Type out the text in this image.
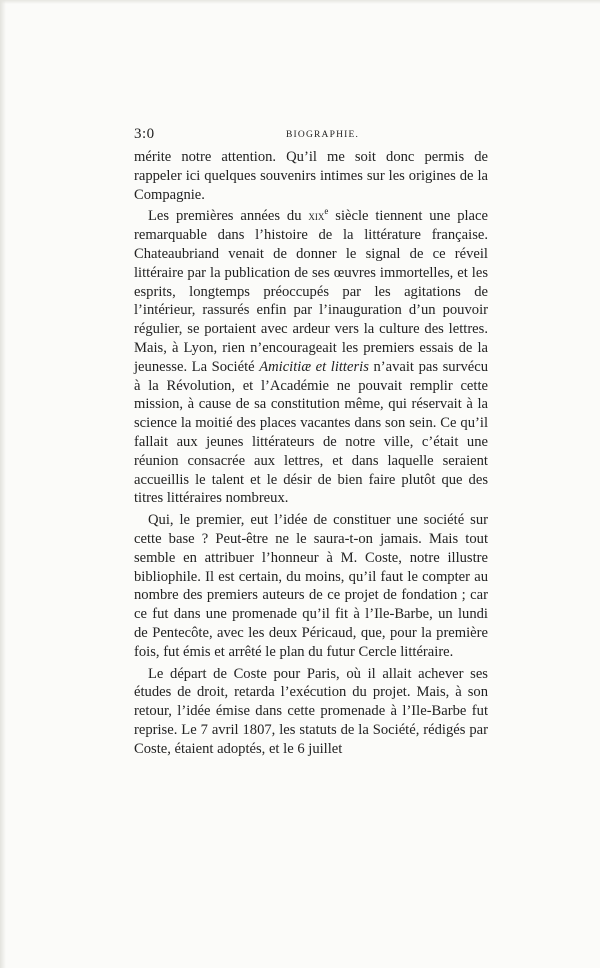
3:0	BIOGRAPHIE.

mérite notre attention. Qu’il me soit donc permis de rappeler ici quelques souvenirs intimes sur les origines de la Compagnie.

Les premières années du xix$^e$ siècle tiennent une place remarquable dans l’histoire de la littérature française. Chateaubriand venait de donner le signal de ce réveil littéraire par la publication de ses œuvres immortelles, et les esprits, longtemps préoccupés par les agitations de l’intérieur, rassurés enfin par l’inauguration d’un pouvoir régulier, se portaient avec ardeur vers la culture des lettres. Mais, à Lyon, rien n’encourageait les premiers essais de la jeunesse. La Société Amicitiæ et litteris n’avait pas survécu à la Révolution, et l’Académie ne pouvait remplir cette mission, à cause de sa constitution même, qui réservait à la science la moitié des places vacantes dans son sein. Ce qu’il fallait aux jeunes littérateurs de notre ville, c’était une réunion consacrée aux lettres, et dans laquelle seraient accueillis le talent et le désir de bien faire plutôt que des titres littéraires nombreux.

Qui, le premier, eut l’idée de constituer une société sur cette base ? Peut-être ne le saura-t-on jamais. Mais tout semble en attribuer l’honneur à M. Coste, notre illustre bibliophile. Il est certain, du moins, qu’il faut le compter au nombre des premiers auteurs de ce projet de fondation ; car ce fut dans une promenade qu’il fit à l’Ile-Barbe, un lundi de Pentecôte, avec les deux Péricaud, que, pour la première fois, fut émis et arrêté le plan du futur Cercle littéraire.

Le départ de Coste pour Paris, où il allait achever ses études de droit, retarda l’exécution du projet. Mais, à son retour, l’idée émise dans cette promenade à l’Ile-Barbe fut reprise. Le 7 avril 1807, les statuts de la Société, rédigés par Coste, étaient adoptés, et le 6 juillet
